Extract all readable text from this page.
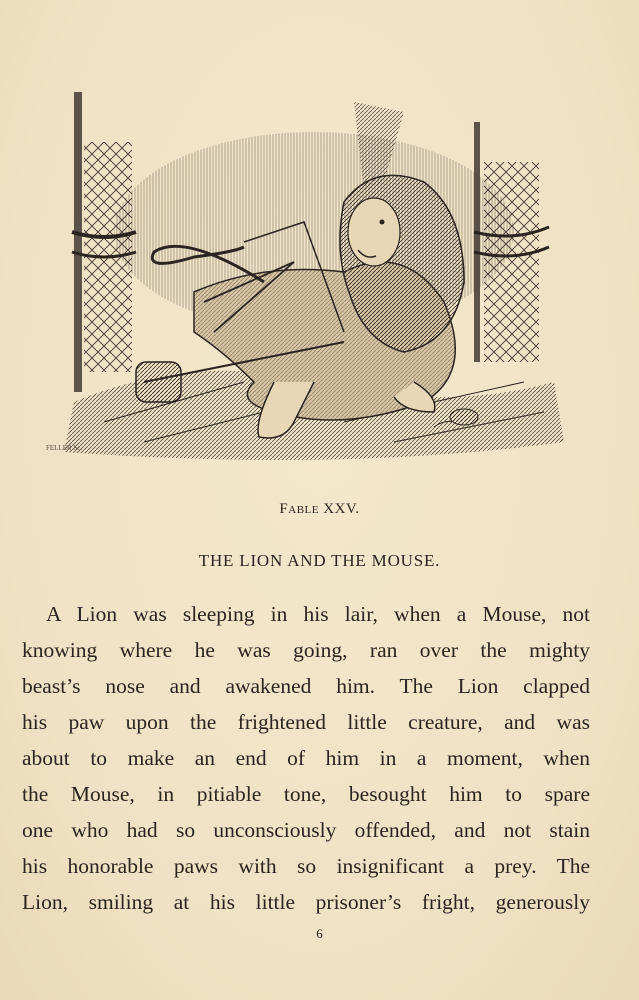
FELLER Sc.
Fable XXV.
THE LION AND THE MOUSE.
A Lion was sleeping in his lair, when a Mouse, not
knowing where he was going, ran over the mighty
beast’s nose and awakened him. The Lion clapped
his paw upon the frightened little creature, and was
about to make an end of him in a moment, when
the Mouse, in pitiable tone, besought him to spare
one who had so unconsciously offended, and not stain
his honorable paws with so insignificant a prey. The
Lion, smiling at his little prisoner’s fright, generously
6
